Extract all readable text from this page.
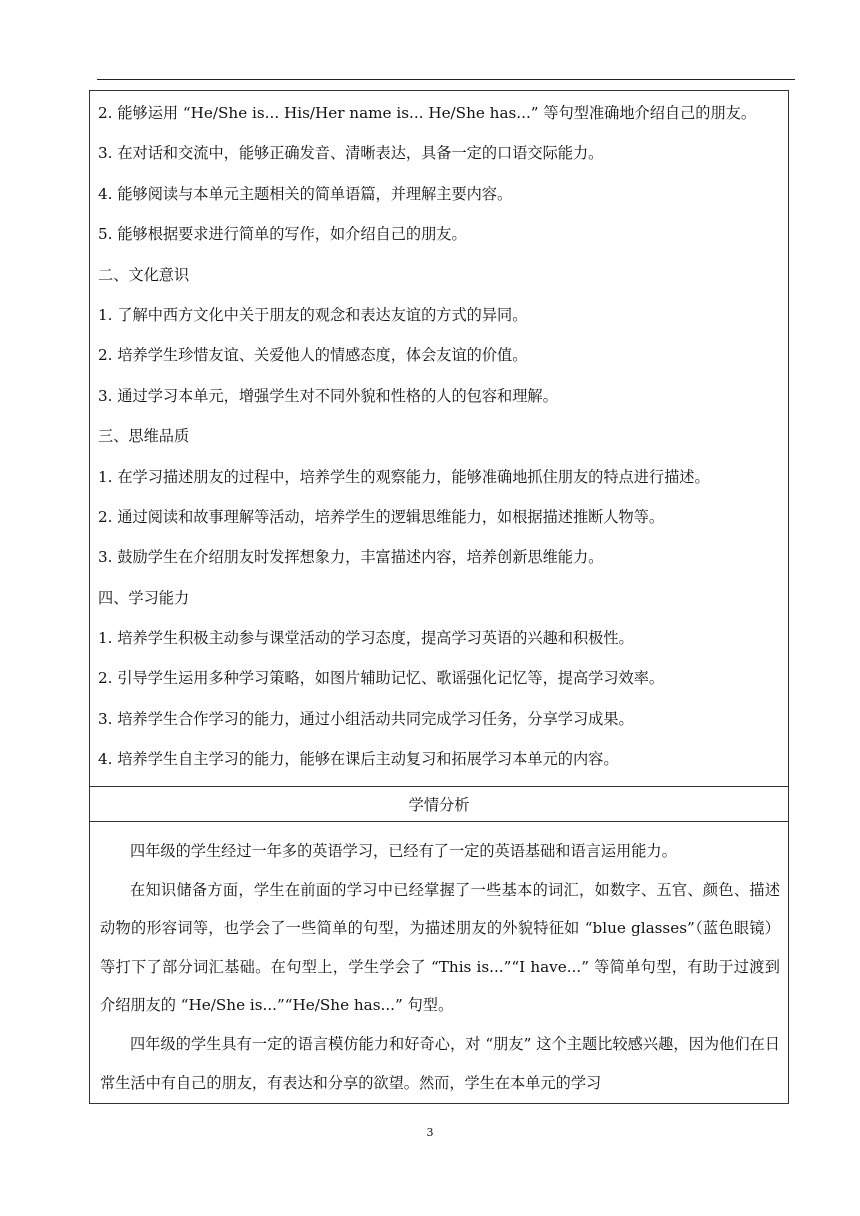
2. 能够运用 “He/She is... His/Her name is... He/She has...” 等句型准确地介绍自己的朋友。
3. 在对话和交流中，能够正确发音、清晰表达，具备一定的口语交际能力。
4. 能够阅读与本单元主题相关的简单语篇，并理解主要内容。
5. 能够根据要求进行简单的写作，如介绍自己的朋友。
二、文化意识
1. 了解中西方文化中关于朋友的观念和表达友谊的方式的异同。
2. 培养学生珍惜友谊、关爱他人的情感态度，体会友谊的价值。
3. 通过学习本单元，增强学生对不同外貌和性格的人的包容和理解。
三、思维品质
1. 在学习描述朋友的过程中，培养学生的观察能力，能够准确地抓住朋友的特点进行描述。
2. 通过阅读和故事理解等活动，培养学生的逻辑思维能力，如根据描述推断人物等。
3. 鼓励学生在介绍朋友时发挥想象力，丰富描述内容，培养创新思维能力。
四、学习能力
1. 培养学生积极主动参与课堂活动的学习态度，提高学习英语的兴趣和积极性。
2. 引导学生运用多种学习策略，如图片辅助记忆、歌谣强化记忆等，提高学习效率。
3. 培养学生合作学习的能力，通过小组活动共同完成学习任务，分享学习成果。
4. 培养学生自主学习的能力，能够在课后主动复习和拓展学习本单元的内容。
学情分析

四年级的学生经过一年多的英语学习，已经有了一定的英语基础和语言运用能力。

在知识储备方面，学生在前面的学习中已经掌握了一些基本的词汇，如数字、五官、颜色、描述动物的形容词等，也学会了一些简单的句型，为描述朋友的外貌特征如 “blue glasses”（蓝色眼镜）等打下了部分词汇基础。在句型上，学生学会了 “This is...”“I have...” 等简单句型，有助于过渡到介绍朋友的 “He/She is...”“He/She has...” 句型。

四年级的学生具有一定的语言模仿能力和好奇心，对 “朋友” 这个主题比较感兴趣，因为他们在日常生活中有自己的朋友，有表达和分享的欲望。然而，学生在本单元的学习

3
